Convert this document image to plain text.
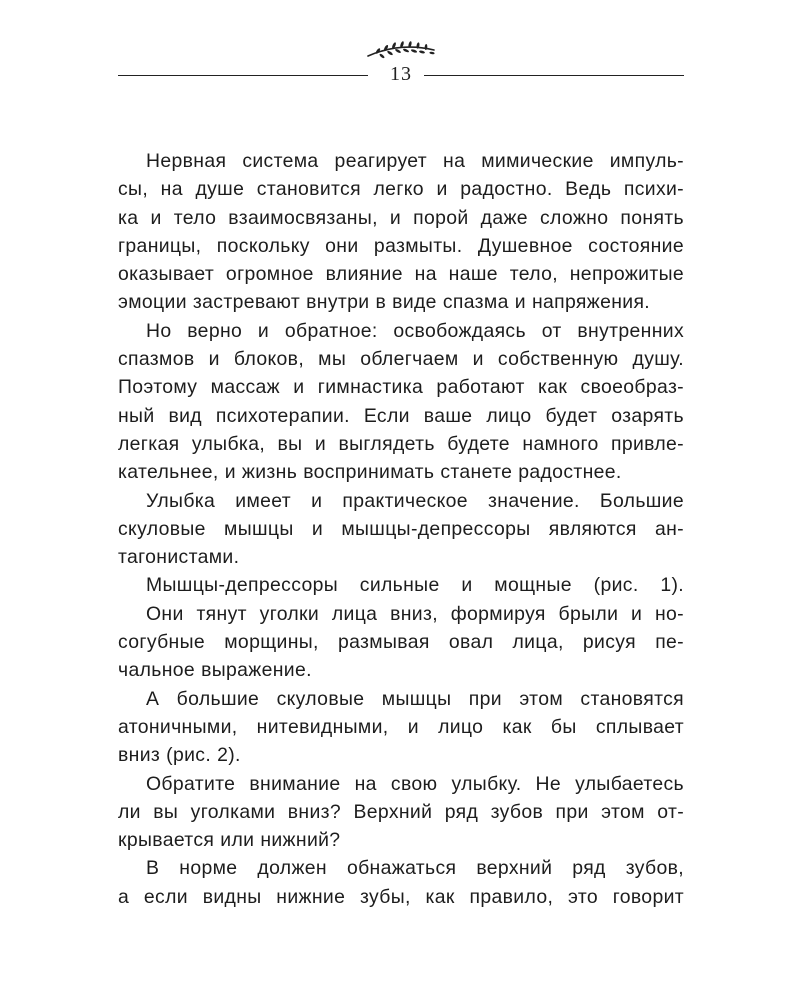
13

Нервная система реагирует на мимические импуль-
сы, на душе становится легко и радостно. Ведь психи-
ка и тело взаимосвязаны, и порой даже сложно понять
границы, поскольку они размыты. Душевное состояние
оказывает огромное влияние на наше тело, непрожитые
эмоции застревают внутри в виде спазма и напряжения.

Но верно и обратное: освобождаясь от внутренних
спазмов и блоков, мы облегчаем и собственную душу.
Поэтому массаж и гимнастика работают как своеобраз-
ный вид психотерапии. Если ваше лицо будет озарять
легкая улыбка, вы и выглядеть будете намного привле-
кательнее, и жизнь воспринимать станете радостнее.

Улыбка имеет и практическое значение. Большие
скуловые мышцы и мышцы-депрессоры являются ан-
тагонистами.

Мышцы-депрессоры сильные и мощные (рис. 1).

Они тянут уголки лица вниз, формируя брыли и но-
согубные морщины, размывая овал лица, рисуя пе-
чальное выражение.

А большие скуловые мышцы при этом становятся
атоничными, нитевидными, и лицо как бы сплывает
вниз (рис. 2).

Обратите внимание на свою улыбку. Не улыбаетесь
ли вы уголками вниз? Верхний ряд зубов при этом от-
крывается или нижний?

В норме должен обнажаться верхний ряд зубов,
а если видны нижние зубы, как правило, это говорит
